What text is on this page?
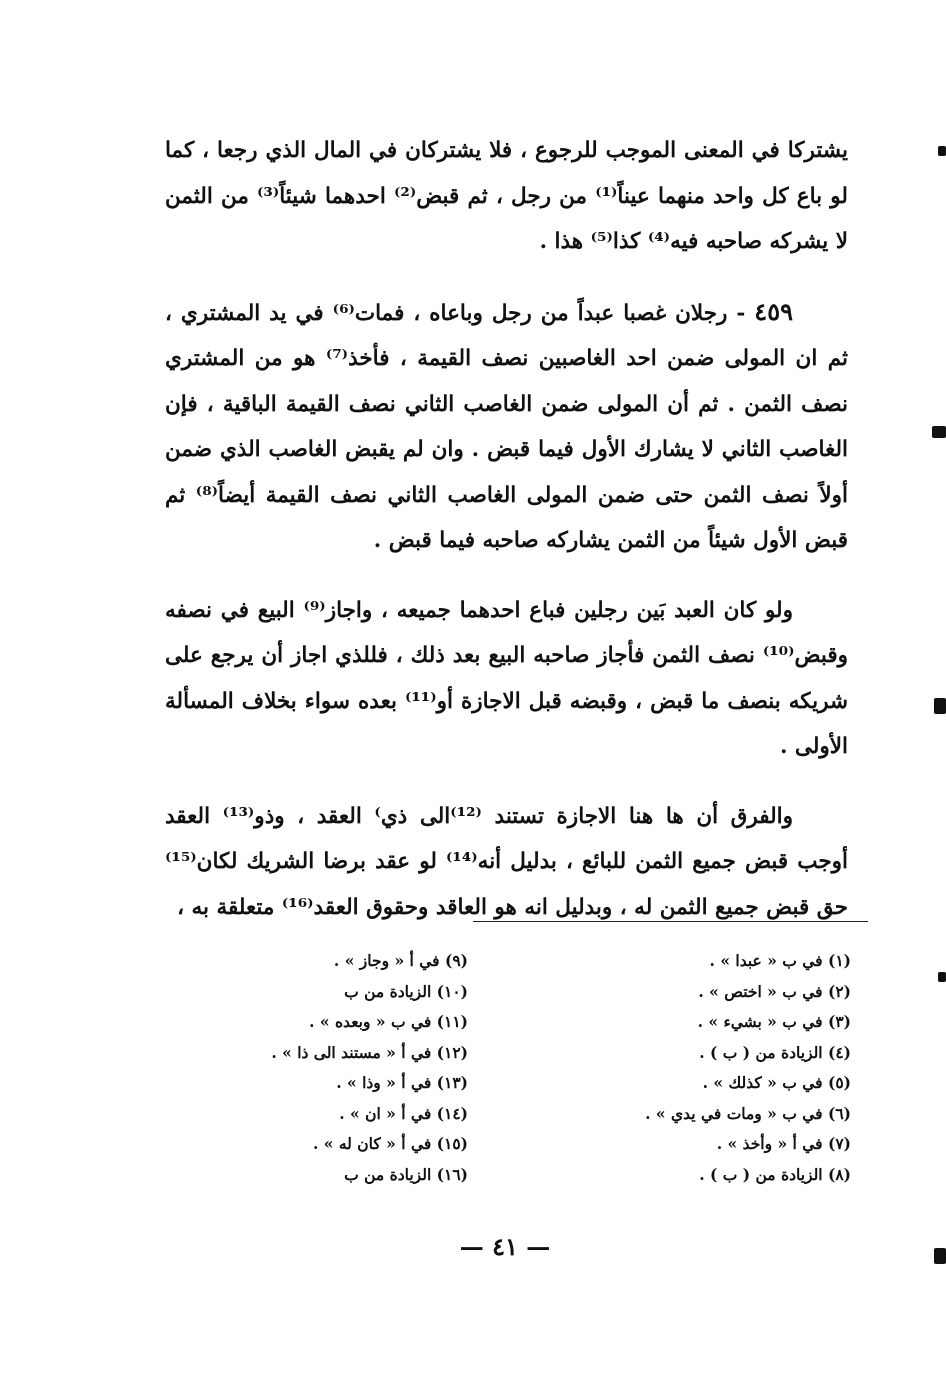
يشتركا في المعنى الموجب للرجوع ، فلا يشتركان في المال الذي رجعا ، كما لو باع كل واحد منهما عيناً⁽¹⁾ من رجل ، ثم قبض⁽²⁾ احدهما شيئاً⁽³⁾ من الثمن لا يشركه صاحبه فيه⁽⁴⁾ كذا⁽⁵⁾ هذا .

٤٥٩ - رجلان غصبا عبداً من رجل وباعاه ، فمات⁽⁶⁾ في يد المشتري ، ثم ان المولى ضمن احد الغاصبين نصف القيمة ، فأخذ⁽⁷⁾ هو من المشتري نصف الثمن . ثم أن المولى ضمن الغاصب الثاني نصف القيمة الباقية ، فإن الغاصب الثاني لا يشارك الأول فيما قبض . وان لم يقبض الغاصب الذي ضمن أولاً نصف الثمن حتى ضمن المولى الغاصب الثاني نصف القيمة أيضاً⁽⁸⁾ ثم قبض الأول شيئاً من الثمن يشاركه صاحبه فيما قبض .

ولو كان العبد بَين رجلين فباع احدهما جميعه ، واجاز⁽⁹⁾ البيع في نصفه وقبض⁽¹⁰⁾ نصف الثمن فأجاز صاحبه البيع بعد ذلك ، فللذي اجاز أن يرجع على شريكه بنصف ما قبض ، وقبضه قبل الاجازة أو⁽¹¹⁾ بعده سواء بخلاف المسألة الأولى .

والفرق أن ها هنا الاجازة تستند ⁽¹²⁾الى ذي⁾ العقد ، وذو⁽¹³⁾ العقد أوجب قبض جميع الثمن للبائع ، بدليل أنه⁽¹⁴⁾ لو عقد برضا الشريك لكان⁽¹⁵⁾ حق قبض جميع الثمن له ، وبدليل انه هو العاقد وحقوق العقد⁽¹⁶⁾ متعلقة به ،

(١) في ب « عبدا » .
(٢) في ب « اختص » .
(٣) في ب « بشيء » .
(٤) الزيادة من ( ب ) .
(٥) في ب « كذلك » .
(٦) في ب « ومات في يدي » .
(٧) في أ « وأخذ » .
(٨) الزيادة من ( ب ) .
(٩) في أ « وجاز » .
(١٠) الزيادة من ب
(١١) في ب « وبعده » .
(١٢) في أ « مستند الى ذا » .
(١٣) في أ « وذا » .
(١٤) في أ « ان » .
(١٥) في أ « كان له » .
(١٦) الزيادة من ب
— ٤١ —
